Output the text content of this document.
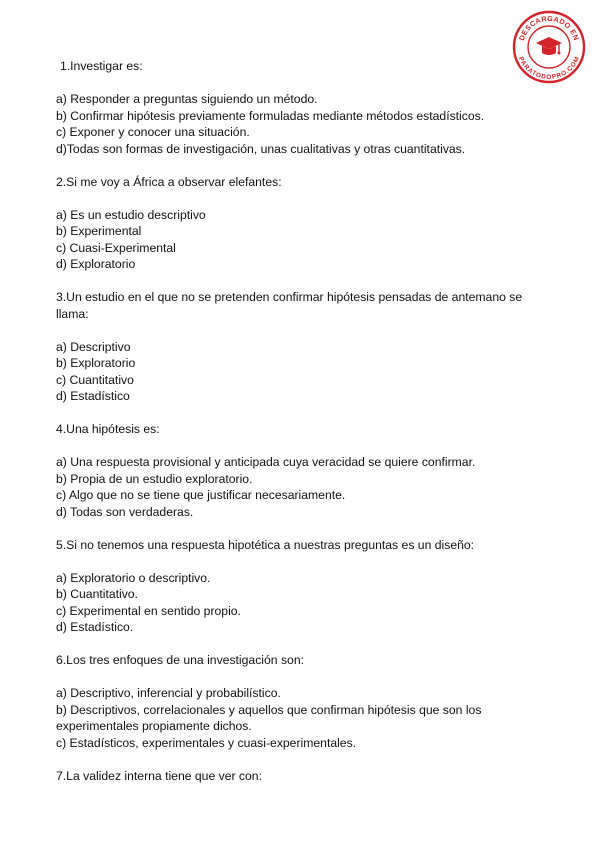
DESCARGADO EN
PARATODOPRO.COM
1.Investigar es:
a) Responder a preguntas siguiendo un método.
b) Confirmar hipótesis previamente formuladas mediante métodos estadísticos.
c) Exponer y conocer una situación.
d)Todas son formas de investigación, unas cualitativas y otras cuantitativas.
2.Si me voy a África a observar elefantes:
a) Es un estudio descriptivo
b) Experimental
c) Cuasi-Experimental
d) Exploratorio
3.Un estudio en el que no se pretenden confirmar hipótesis pensadas de antemano se llama:
a) Descriptivo
b) Exploratorio
c) Cuantitativo
d) Estadístico
4.Una hipótesis es:
a) Una respuesta provisional y anticipada cuya veracidad se quiere confirmar.
b) Propia de un estudio exploratorio.
c) Algo que no se tiene que justificar necesariamente.
d) Todas son verdaderas.
5.Si no tenemos una respuesta hipotética a nuestras preguntas es un diseño:
a) Exploratorio o descriptivo.
b) Cuantitativo.
c) Experimental en sentido propio.
d) Estadístico.
6.Los tres enfoques de una investigación son:
a) Descriptivo, inferencial y probabilístico.
b) Descriptivos, correlacionales y aquellos que confirman hipótesis que son los experimentales propiamente dichos.
c) Estadísticos, experimentales y cuasi-experimentales.
7.La validez interna tiene que ver con:
